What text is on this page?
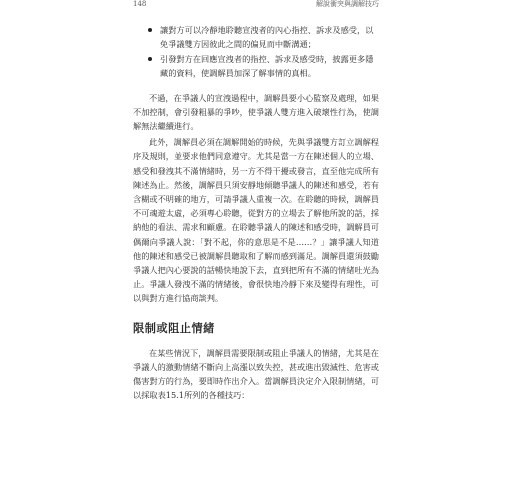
148	解說衝突與調解技巧
讓對方可以冷靜地聆聽宣洩者的內心指控、訴求及感受，以免爭議雙方因彼此之間的偏見而中斷溝通；
引發對方在回應宣洩者的指控、訴求及感受時，披露更多隱藏的資料，使調解員加深了解事情的真相。

不過，在爭議人的宣洩過程中，調解員要小心監察及處理，如果不加控制，會引發粗暴的爭吵，使爭議人雙方進入破壞性行為，使調解無法繼續進行。

此外，調解員必須在調解開始的時候，先與爭議雙方訂立調解程序及規則，並要求他們同意遵守。尤其是當一方在陳述個人的立場、感受和發洩其不滿情緒時，另一方不得干擾或發言，直至他完成所有陳述為止。然後，調解員只須安靜地傾聽爭議人的陳述和感受，若有含糊或不明確的地方，可請爭議人重複一次。在聆聽的時候，調解員不可魂遊太虛，必須專心聆聽，從對方的立場去了解他所說的話，採納他的看法、需求和顧慮。在聆聽爭議人的陳述和感受時，調解員可偶爾向爭議人說：「對不起，你的意思是不是……？」讓爭議人知道他的陳述和感受已被調解員聽取和了解而感到滿足。調解員還須鼓勵爭議人把內心要說的話暢快地說下去，直到把所有不滿的情緒吐光為止。爭議人發洩不滿的情緒後，會很快地冷靜下來及變得有理性，可以與對方進行協商談判。

限制或阻止情緒

在某些情況下，調解員需要限制或阻止爭議人的情緒，尤其是在爭議人的激動情緒不斷向上高漲以致失控，甚或進出毀滅性、危害或傷害對方的行為，要即時作出介入。當調解員決定介入限制情緒，可以採取表15.1所列的各種技巧：
